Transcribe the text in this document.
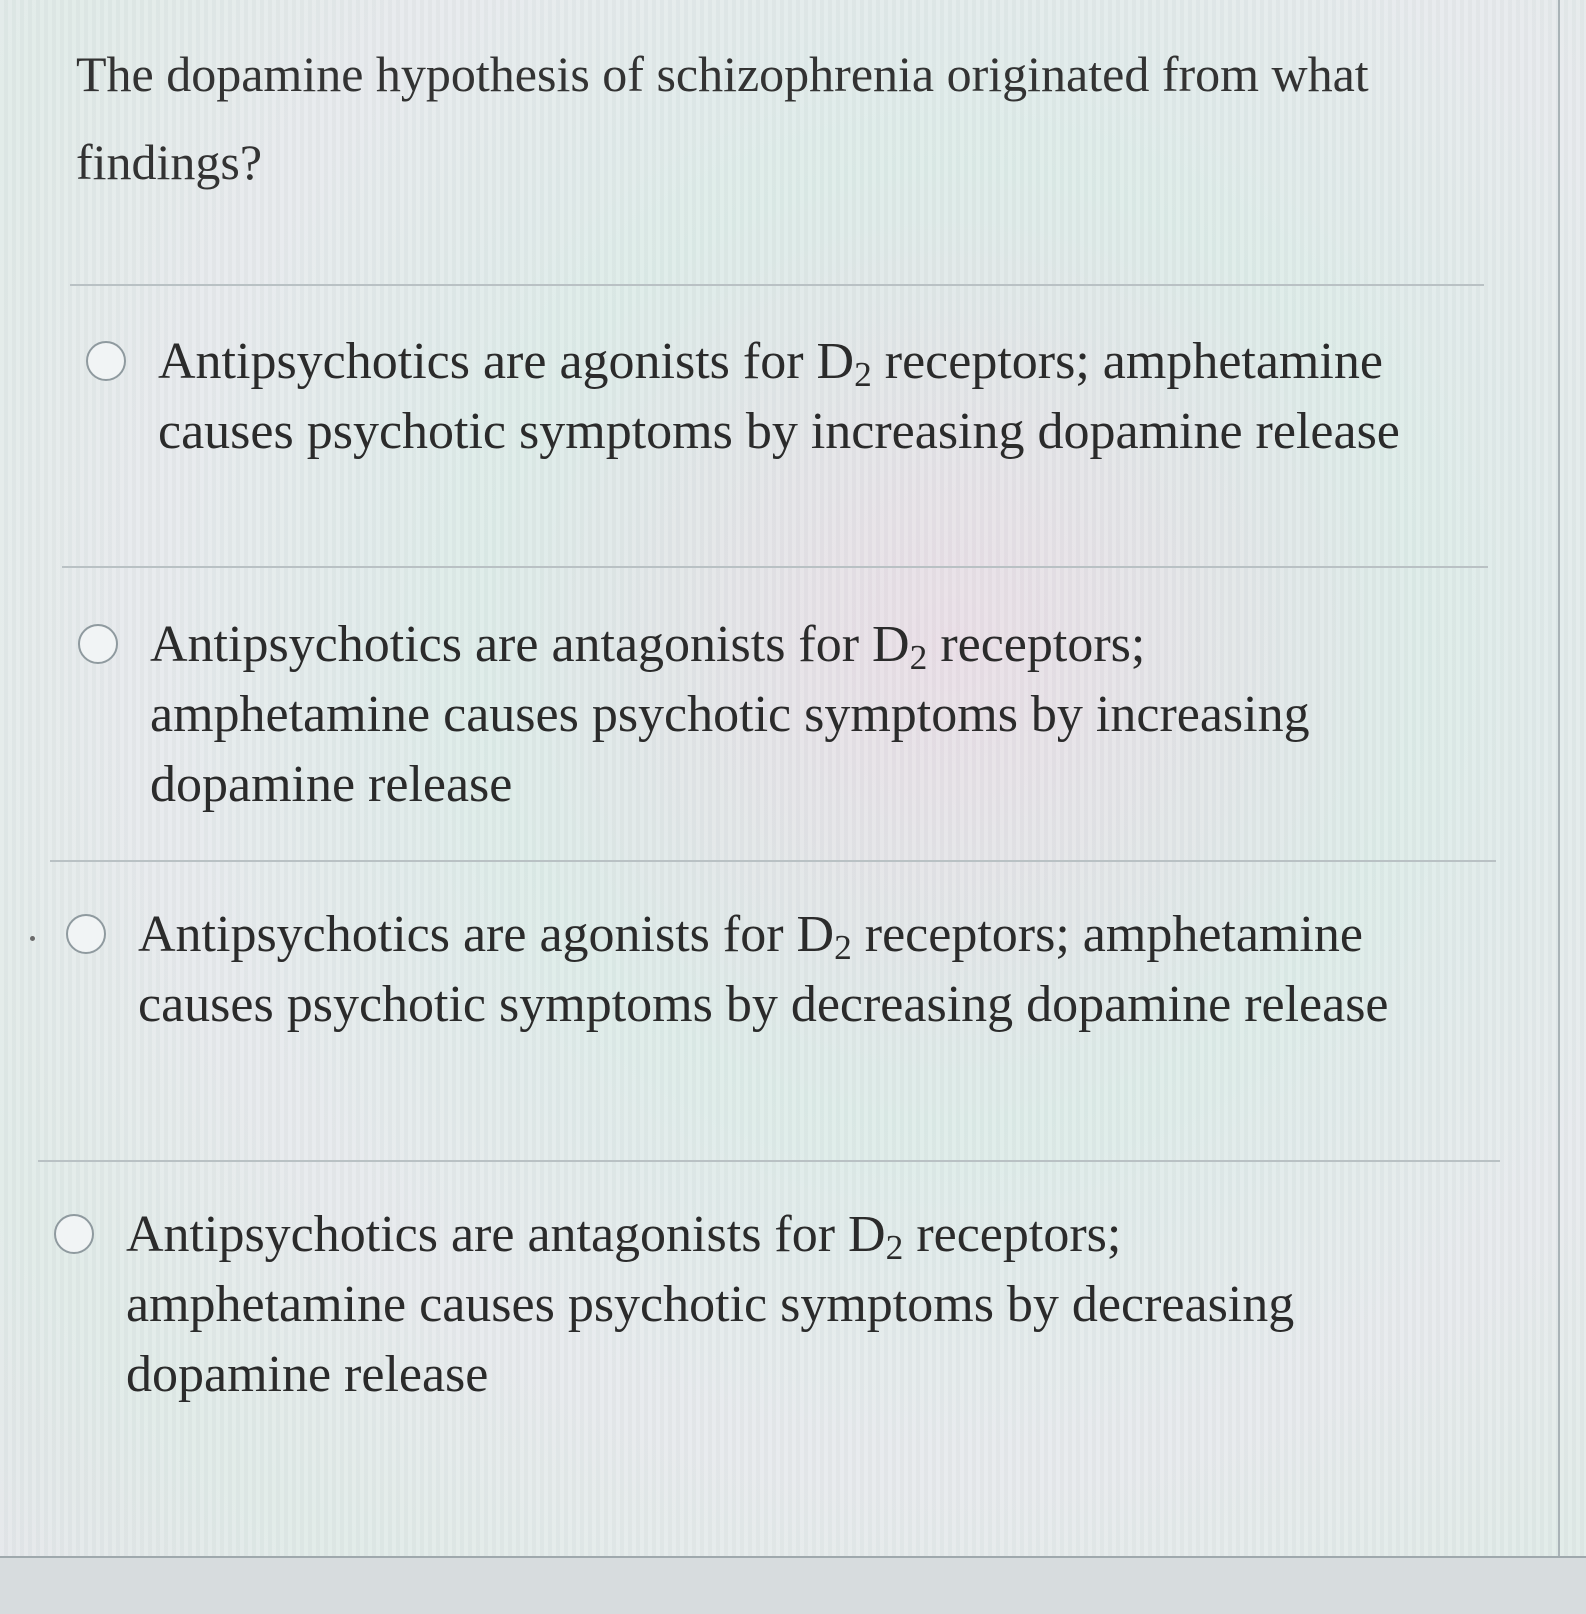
The dopamine hypothesis of schizophrenia originated from what findings?
Antipsychotics are agonists for $D_2$ receptors; amphetamine causes psychotic symptoms by increasing dopamine release
Antipsychotics are antagonists for $D_2$ receptors; amphetamine causes psychotic symptoms by increasing dopamine release
Antipsychotics are agonists for $D_2$ receptors; amphetamine causes psychotic symptoms by decreasing dopamine release
Antipsychotics are antagonists for $D_2$ receptors; amphetamine causes psychotic symptoms by decreasing dopamine release
